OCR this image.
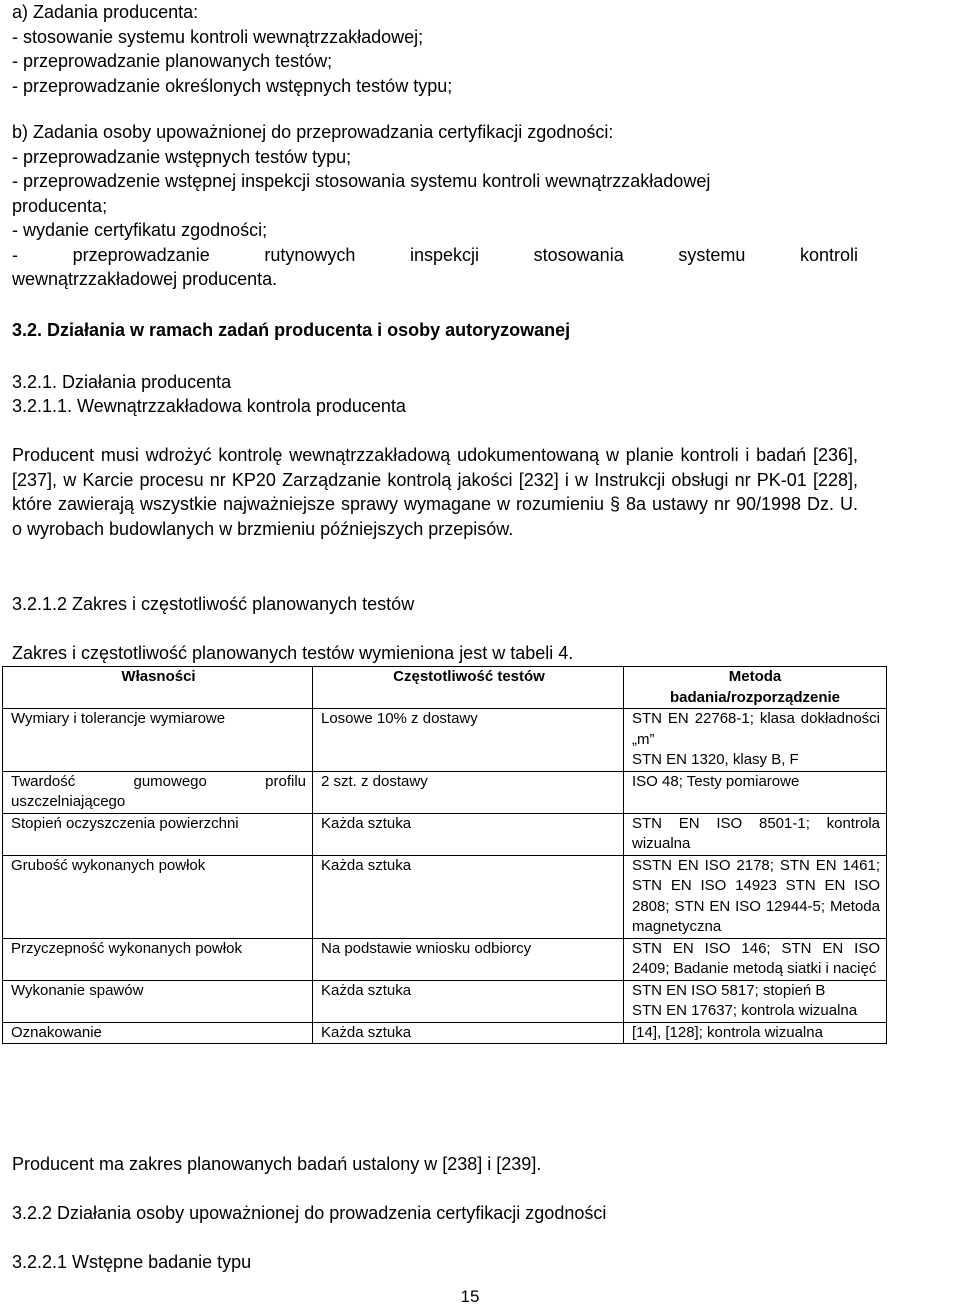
a) Zadania producenta:
- stosowanie systemu kontroli wewnątrzzakładowej;
- przeprowadzanie planowanych testów;
- przeprowadzanie określonych wstępnych testów typu;
b) Zadania osoby upoważnionej do przeprowadzania certyfikacji zgodności:
- przeprowadzanie wstępnych testów typu;
- przeprowadzenie wstępnej inspekcji stosowania systemu kontroli wewnątrzzakładowej
producenta;
- wydanie certyfikatu zgodności;
- przeprowadzanie rutynowych inspekcji stosowania systemu kontroli
wewnątrzzakładowej producenta.
3.2. Działania w ramach zadań producenta i osoby autoryzowanej
3.2.1. Działania producenta
3.2.1.1. Wewnątrzzakładowa kontrola producenta
Producent musi wdrożyć kontrolę wewnątrzzakładową udokumentowaną w planie kontroli i badań [236], [237], w Karcie procesu nr KP20 Zarządzanie kontrolą jakości [232] i w Instrukcji obsługi nr PK-01 [228], które zawierają wszystkie najważniejsze sprawy wymagane w rozumieniu § 8a ustawy nr 90/1998 Dz. U. o wyrobach budowlanych w brzmieniu późniejszych przepisów.
3.2.1.2 Zakres i częstotliwość planowanych testów
Zakres i częstotliwość planowanych testów wymieniona jest w tabeli 4.
Własności	Częstotliwość testów	Metoda badania/rozporządzenie
Wymiary i tolerancje wymiarowe	Losowe 10% z dostawy	STN EN 22768-1; klasa dokładności „m”
STN EN 1320, klasy B, F

Twardość gumowego profilu uszczelniającego	2 szt. z dostawy	ISO 48; Testy pomiarowe
Stopień oczyszczenia powierzchni	Każda sztuka	STN EN ISO 8501-1; kontrola wizualna
Grubość wykonanych powłok	Każda sztuka	SSTN EN ISO 2178; STN EN 1461; STN EN ISO 14923 STN EN ISO 2808; STN EN ISO 12944-5; Metoda magnetyczna
Przyczepność wykonanych powłok	Na podstawie wniosku odbiorcy	STN EN ISO 146; STN EN ISO 2409; Badanie metodą siatki i nacięć
Wykonanie spawów	Każda sztuka	STN EN ISO 5817; stopień B
STN EN 17637; kontrola wizualna

Oznakowanie	Każda sztuka	[14], [128]; kontrola wizualna
Producent ma zakres planowanych badań ustalony w [238] i [239].
3.2.2 Działania osoby upoważnionej do prowadzenia certyfikacji zgodności
3.2.2.1 Wstępne badanie typu
15
